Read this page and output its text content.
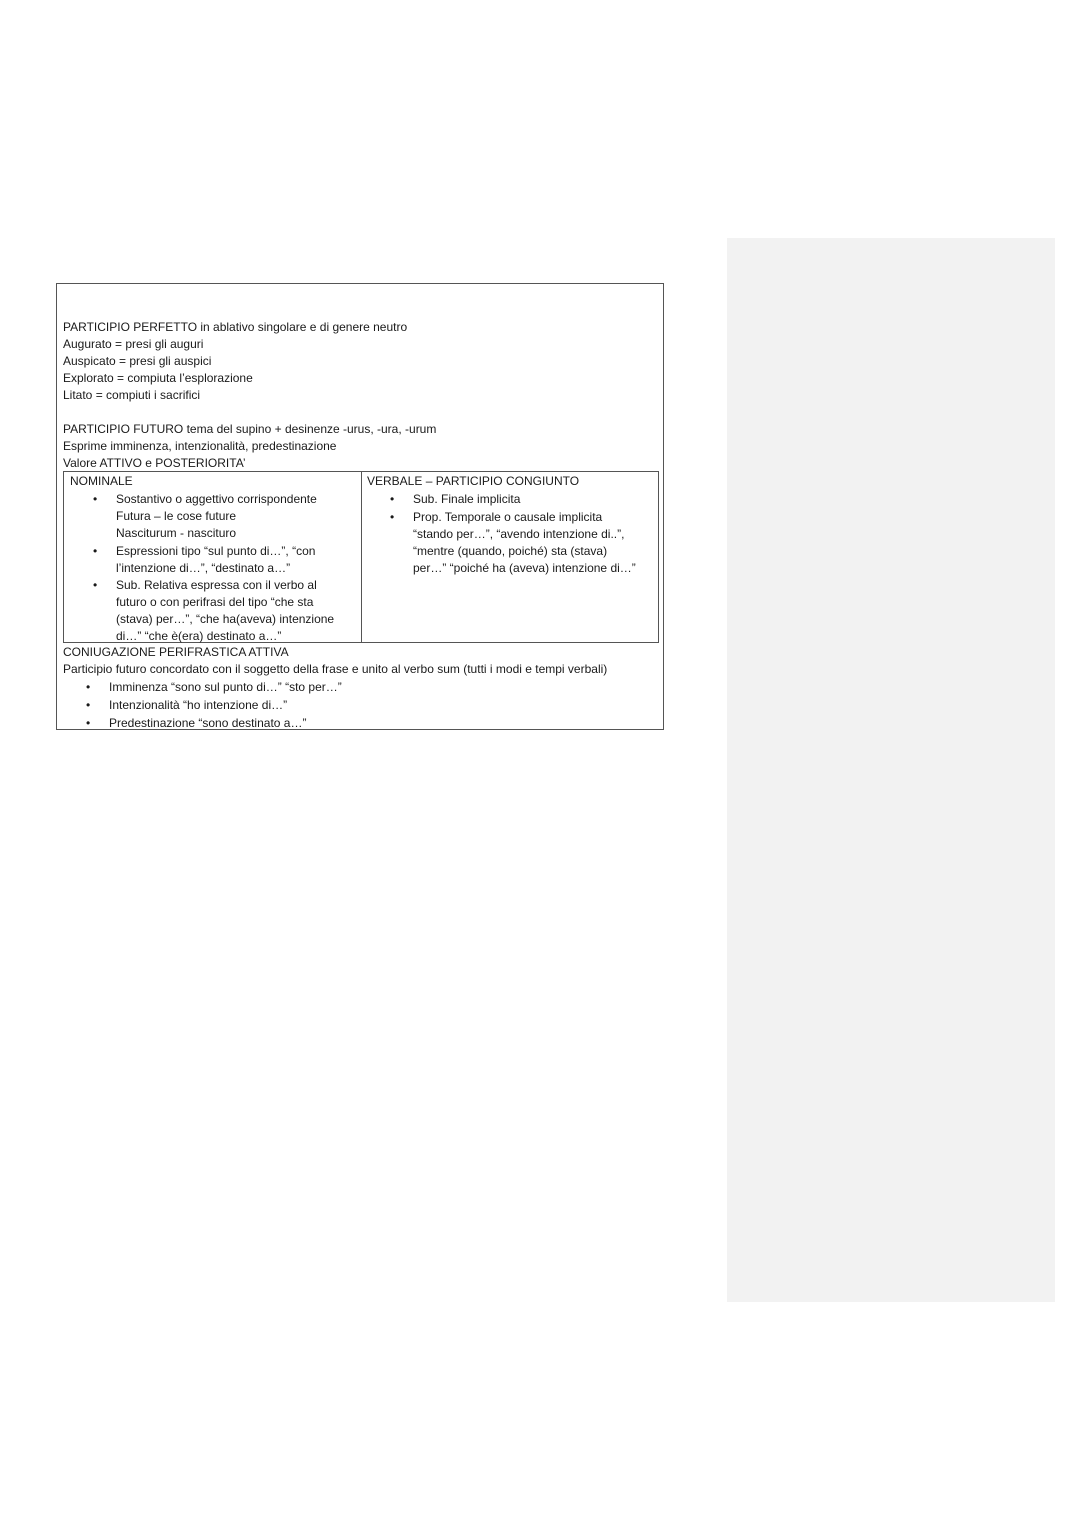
PARTICIPIO PERFETTO in ablativo singolare e di genere neutro
Augurato = presi gli auguri
Auspicato = presi gli auspici
Explorato = compiuta l’esplorazione
Litato = compiuti i sacrifici
PARTICIPIO FUTURO tema del supino + desinenze -urus, -ura, -urum
Esprime imminenza, intenzionalità, predestinazione
Valore ATTIVO e POSTERIORITA’
NOMINALE
• Sostantivo o aggettivo corrispondente
Futura – le cose future
Nasciturum - nascituro
• Espressioni tipo “sul punto di…”, “con
l’intenzione di…”, “destinato a…”
• Sub. Relativa espressa con il verbo al
futuro o con perifrasi del tipo “che sta
(stava) per…”, “che ha(aveva) intenzione
di…” “che è(era) destinato a…”
VERBALE – PARTICIPIO CONGIUNTO
• Sub. Finale implicita
• Prop. Temporale o causale implicita
“stando per…”, “avendo intenzione di..”,
“mentre (quando, poiché) sta (stava)
per…” “poiché ha (aveva) intenzione di…”
CONIUGAZIONE PERIFRASTICA ATTIVA
Participio futuro concordato con il soggetto della frase e unito al verbo sum (tutti i modi e tempi verbali)
• Imminenza “sono sul punto di…” “sto per…”
• Intenzionalità “ho intenzione di…”
• Predestinazione “sono destinato a…”
